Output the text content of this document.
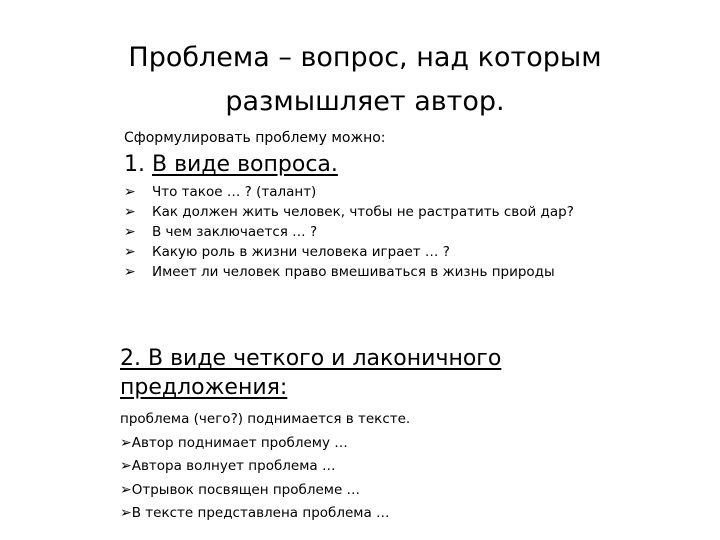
Проблема – вопрос, над которым размышляет автор.
Сформулировать проблему можно:
1. В виде вопроса.
➢ Что такое … ? (талант)
➢ Как должен жить человек, чтобы не растратить свой дар?
➢ В чем заключается … ?
➢ Какую роль в жизни человека играет … ?
➢ Имеет ли человек право вмешиваться в жизнь природы
2. В виде четкого и лаконичного предложения:
проблема (чего?) поднимается в тексте.
➢Автор поднимает проблему …
➢Автора волнует проблема …
➢Отрывок посвящен проблеме …
➢В тексте представлена проблема …
